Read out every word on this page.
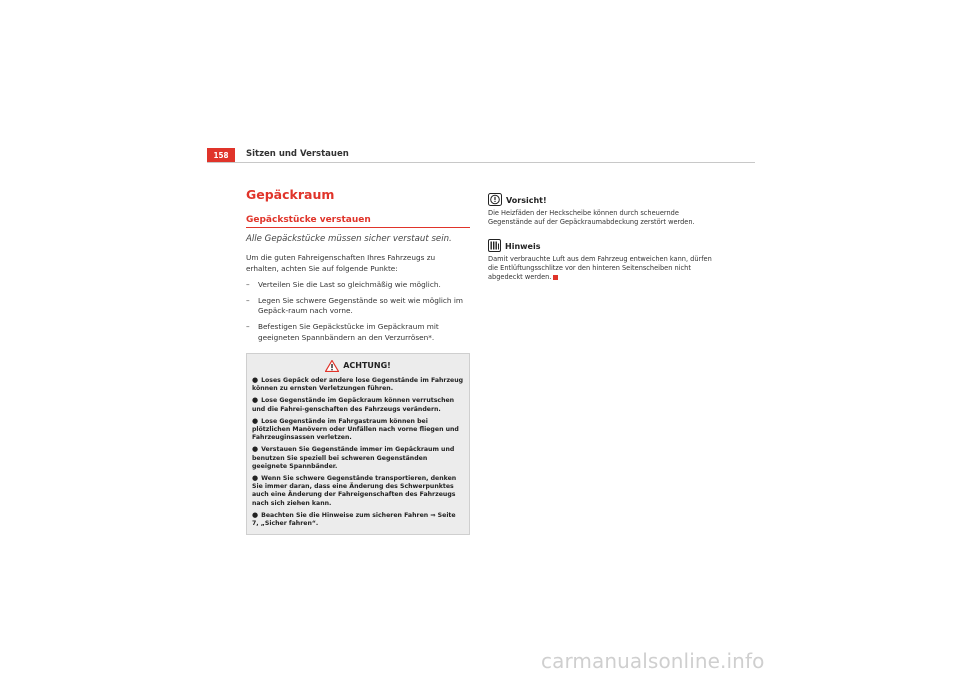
158	Sitzen und Verstauen
Gepäckraum
Gepäckstücke verstauen
Alle Gepäckstücke müssen sicher verstaut sein.
Um die guten Fahreigenschaften Ihres Fahrzeugs zu erhalten, achten Sie auf folgende Punkte:
– Verteilen Sie die Last so gleichmäßig wie möglich.
– Legen Sie schwere Gegenstände so weit wie möglich im Gepäck-raum nach vorne.
– Befestigen Sie Gepäckstücke im Gepäckraum mit geeigneten Spannbändern an den Verzurrösen*.
ACHTUNG!
● Loses Gepäck oder andere lose Gegenstände im Fahrzeug können zu ernsten Verletzungen führen.
● Lose Gegenstände im Gepäckraum können verrutschen und die Fahrei-genschaften des Fahrzeugs verändern.
● Lose Gegenstände im Fahrgastraum können bei plötzlichen Manövern oder Unfällen nach vorne fliegen und Fahrzeuginsassen verletzen.
● Verstauen Sie Gegenstände immer im Gepäckraum und benutzen Sie speziell bei schweren Gegenständen geeignete Spannbänder.
● Wenn Sie schwere Gegenstände transportieren, denken Sie immer daran, dass eine Änderung des Schwerpunktes auch eine Änderung der Fahreigenschaften des Fahrzeugs nach sich ziehen kann.
● Beachten Sie die Hinweise zum sicheren Fahren ⇒ Seite 7, „Sicher fahren“.
Vorsicht!
Die Heizfäden der Heckscheibe können durch scheuernde Gegenstände auf der Gepäckraumabdeckung zerstört werden.
Hinweis
Damit verbrauchte Luft aus dem Fahrzeug entweichen kann, dürfen die Entlüftungsschlitze vor den hinteren Seitenscheiben nicht abgedeckt werden.
carmanualsonline.info
